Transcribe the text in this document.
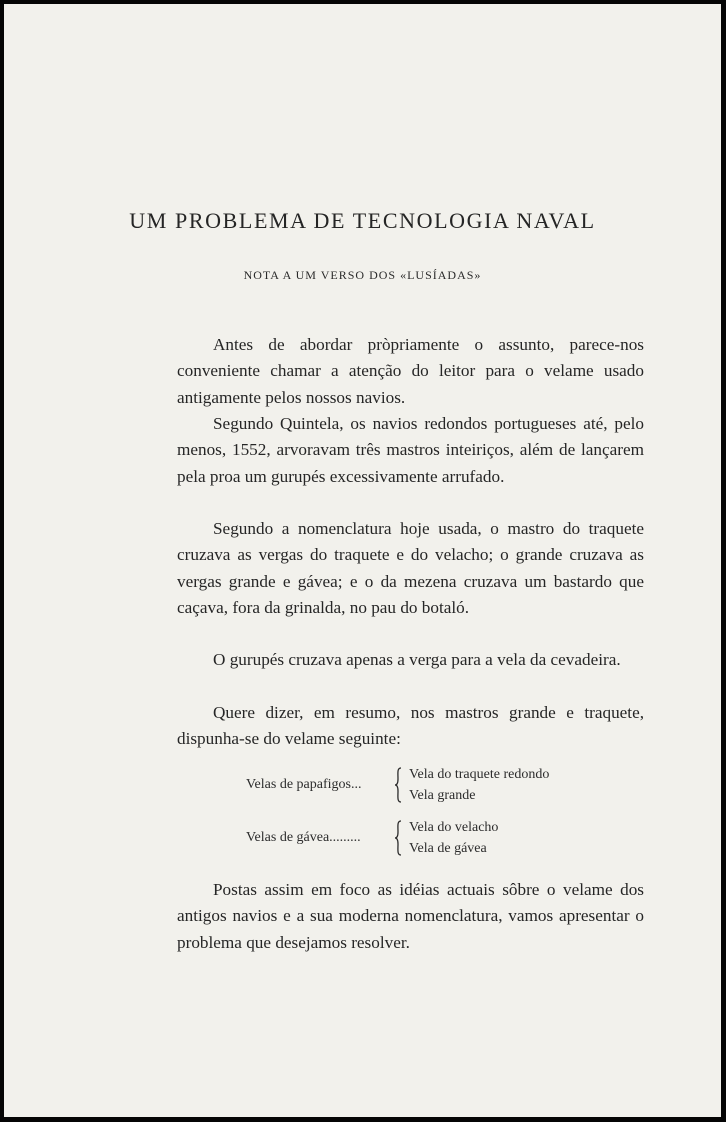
UM PROBLEMA DE TECNOLOGIA NAVAL
NOTA A UM VERSO DOS «LUSÍADAS»

Antes de abordar pròpriamente o assunto, parece-nos conveniente chamar a atenção do leitor para o velame usado antigamente pelos nossos navios.

Segundo Quintela, os navios redondos portugueses até, pelo menos, 1552, arvoravam três mastros inteiriços, além de lançarem pela proa um gurupés excessivamente arrufado.

Segundo a nomenclatura hoje usada, o mastro do traquete cruzava as vergas do traquete e do velacho; o grande cruzava as vergas grande e gávea; e o da mezena cruzava um bastardo que caçava, fora da grinalda, no pau do botaló.

O gurupés cruzava apenas a verga para a vela da cevadeira.

Quere dizer, em resumo, nos mastros grande e traquete, dispunha-se do velame seguinte:

Velas de papafigos...
Vela do traquete redondo
Vela grande
Velas de gávea.........
Vela do velacho
Vela de gávea

Postas assim em foco as idéias actuais sôbre o velame dos antigos navios e a sua moderna nomenclatura, vamos apresentar o problema que desejamos resolver.
